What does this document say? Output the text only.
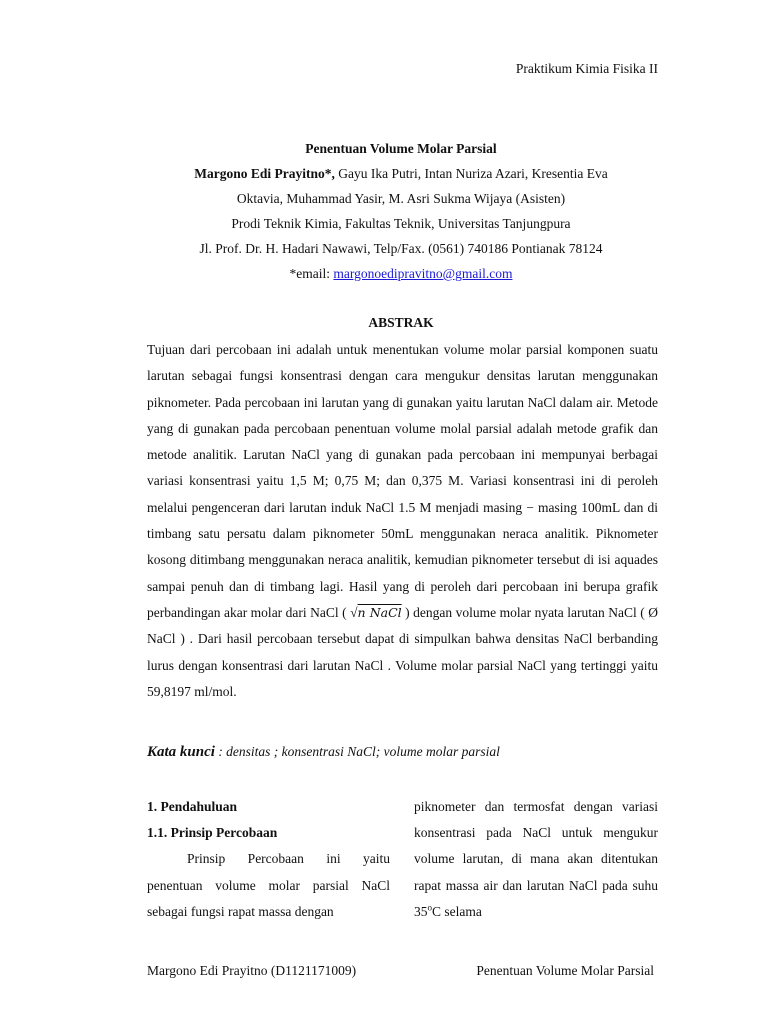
Praktikum Kimia Fisika II
Penentuan Volume Molar Parsial
Margono Edi Prayitno*, Gayu Ika Putri, Intan Nuriza Azari, Kresentia Eva
Oktavia, Muhammad Yasir, M. Asri Sukma Wijaya (Asisten)
Prodi Teknik Kimia, Fakultas Teknik, Universitas Tanjungpura
Jl. Prof. Dr. H. Hadari Nawawi, Telp/Fax. (0561) 740186 Pontianak 78124
*email: margonoedipravitno@gmail.com
ABSTRAK

Tujuan dari percobaan ini adalah untuk menentukan volume molar parsial komponen suatu larutan sebagai fungsi konsentrasi dengan cara mengukur densitas larutan menggunakan piknometer. Pada percobaan ini larutan yang di gunakan yaitu larutan NaCl dalam air. Metode yang di gunakan pada percobaan penentuan volume molal parsial adalah metode grafik dan metode analitik. Larutan NaCl yang di gunakan pada percobaan ini mempunyai berbagai variasi konsentrasi yaitu 1,5 M; 0,75 M; dan 0,375 M. Variasi konsentrasi ini di peroleh melalui pengenceran dari larutan induk NaCl 1.5 M menjadi masing − masing 100mL dan di timbang satu persatu dalam piknometer 50mL menggunakan neraca analitik. Piknometer kosong ditimbang menggunakan neraca analitik, kemudian piknometer tersebut di isi aquades sampai penuh dan di timbang lagi. Hasil yang di peroleh dari percobaan ini berupa grafik perbandingan akar molar dari NaCl ( √n NaCl ) dengan volume molar nyata larutan NaCl ( Ø NaCl ) . Dari hasil percobaan tersebut dapat di simpulkan bahwa densitas NaCl berbanding lurus dengan konsentrasi dari larutan NaCl . Volume molar parsial NaCl yang tertinggi yaitu 59,8197 ml/mol.

Kata kunci : densitas ; konsentrasi NaCl; volume molar parsial

1. Pendahuluan

1.1. Prinsip Percobaan

Prinsip Percobaan ini yaitu penentuan volume molar parsial NaCl sebagai fungsi rapat massa dengan

piknometer dan termosfat dengan variasi konsentrasi pada NaCl untuk mengukur volume larutan, di mana akan ditentukan rapat massa air dan larutan NaCl pada suhu 35$^o$C selama

Margono Edi Prayitno (D1121171009)	Penentuan Volume Molar Parsial
